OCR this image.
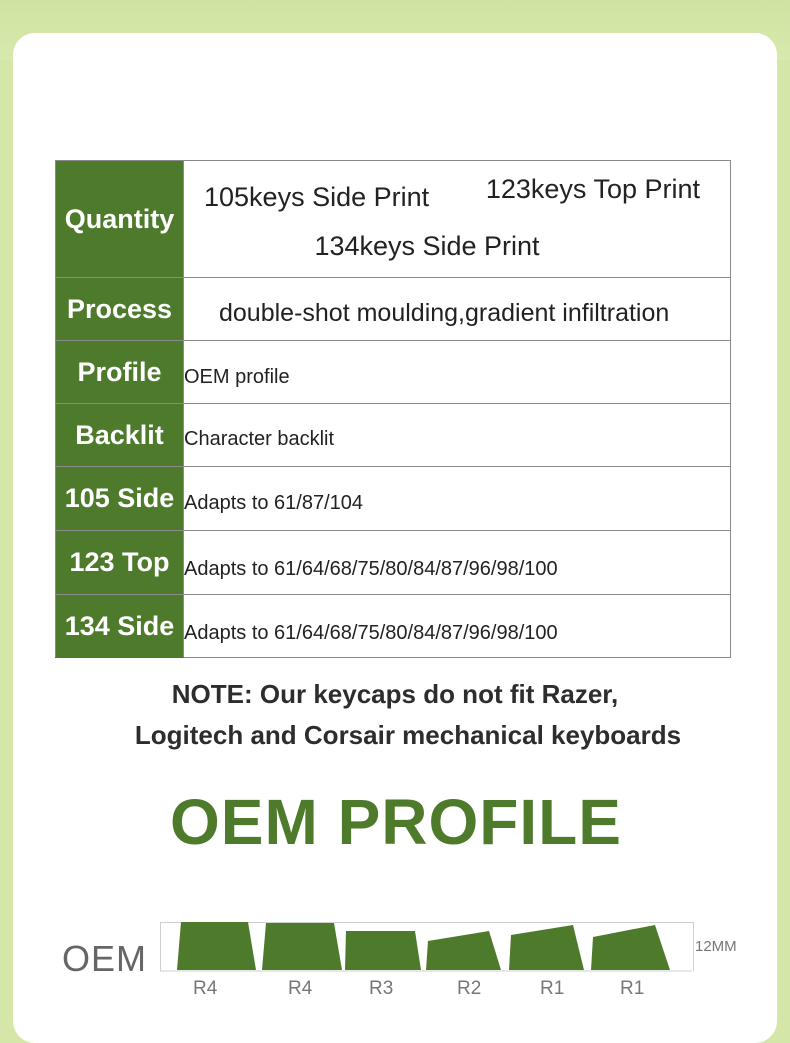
Quantity	105keys Side Print 123keys Top Print
134keys Side Print

Process	double-shot moulding,gradient infiltration
Profile	OEM profile
Backlit	Character backlit
105 Side	Adapts to 61/87/104
123 Top	Adapts to 61/64/68/75/80/84/87/96/98/100
134 Side	Adapts to 61/64/68/75/80/84/87/96/98/100
NOTE: Our keycaps do not fit Razer,
Logitech and Corsair mechanical keyboards
OEM PROFILE
OEM	12MM
R4	R4	R3	R2	R1	R1
